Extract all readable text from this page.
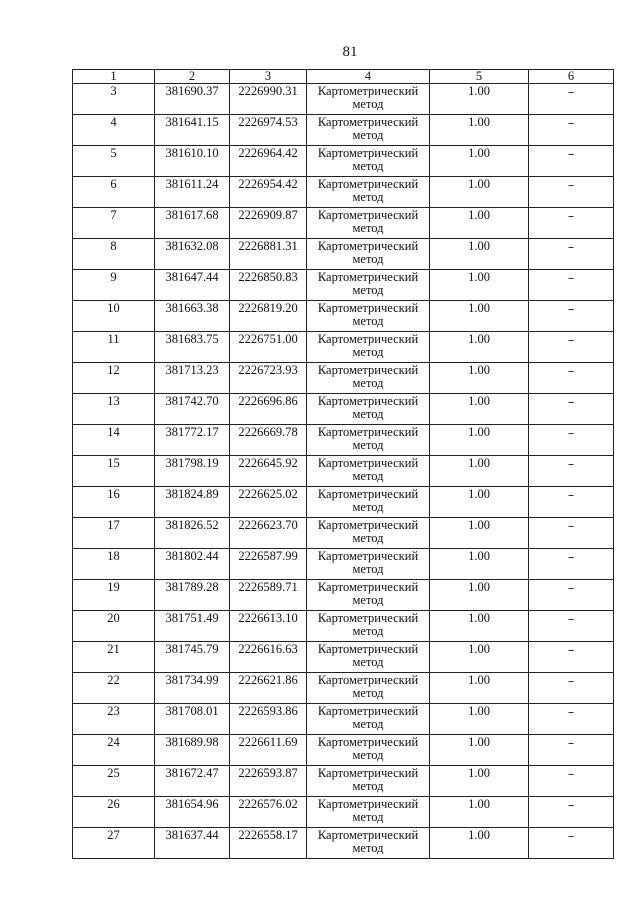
81
1	2	3	4	5	6
3	381690.37	2226990.31	Картометрический метод	1.00	–
4	381641.15	2226974.53	Картометрический метод	1.00	–
5	381610.10	2226964.42	Картометрический метод	1.00	–
6	381611.24	2226954.42	Картометрический метод	1.00	–
7	381617.68	2226909.87	Картометрический метод	1.00	–
8	381632.08	2226881.31	Картометрический метод	1.00	–
9	381647.44	2226850.83	Картометрический метод	1.00	–
10	381663.38	2226819.20	Картометрический метод	1.00	–
11	381683.75	2226751.00	Картометрический метод	1.00	–
12	381713.23	2226723.93	Картометрический метод	1.00	–
13	381742.70	2226696.86	Картометрический метод	1.00	–
14	381772.17	2226669.78	Картометрический метод	1.00	–
15	381798.19	2226645.92	Картометрический метод	1.00	–
16	381824.89	2226625.02	Картометрический метод	1.00	–
17	381826.52	2226623.70	Картометрический метод	1.00	–
18	381802.44	2226587.99	Картометрический метод	1.00	–
19	381789.28	2226589.71	Картометрический метод	1.00	–
20	381751.49	2226613.10	Картометрический метод	1.00	–
21	381745.79	2226616.63	Картометрический метод	1.00	–
22	381734.99	2226621.86	Картометрический метод	1.00	–
23	381708.01	2226593.86	Картометрический метод	1.00	–
24	381689.98	2226611.69	Картометрический метод	1.00	–
25	381672.47	2226593.87	Картометрический метод	1.00	–
26	381654.96	2226576.02	Картометрический метод	1.00	–
27	381637.44	2226558.17	Картометрический метод	1.00	–
